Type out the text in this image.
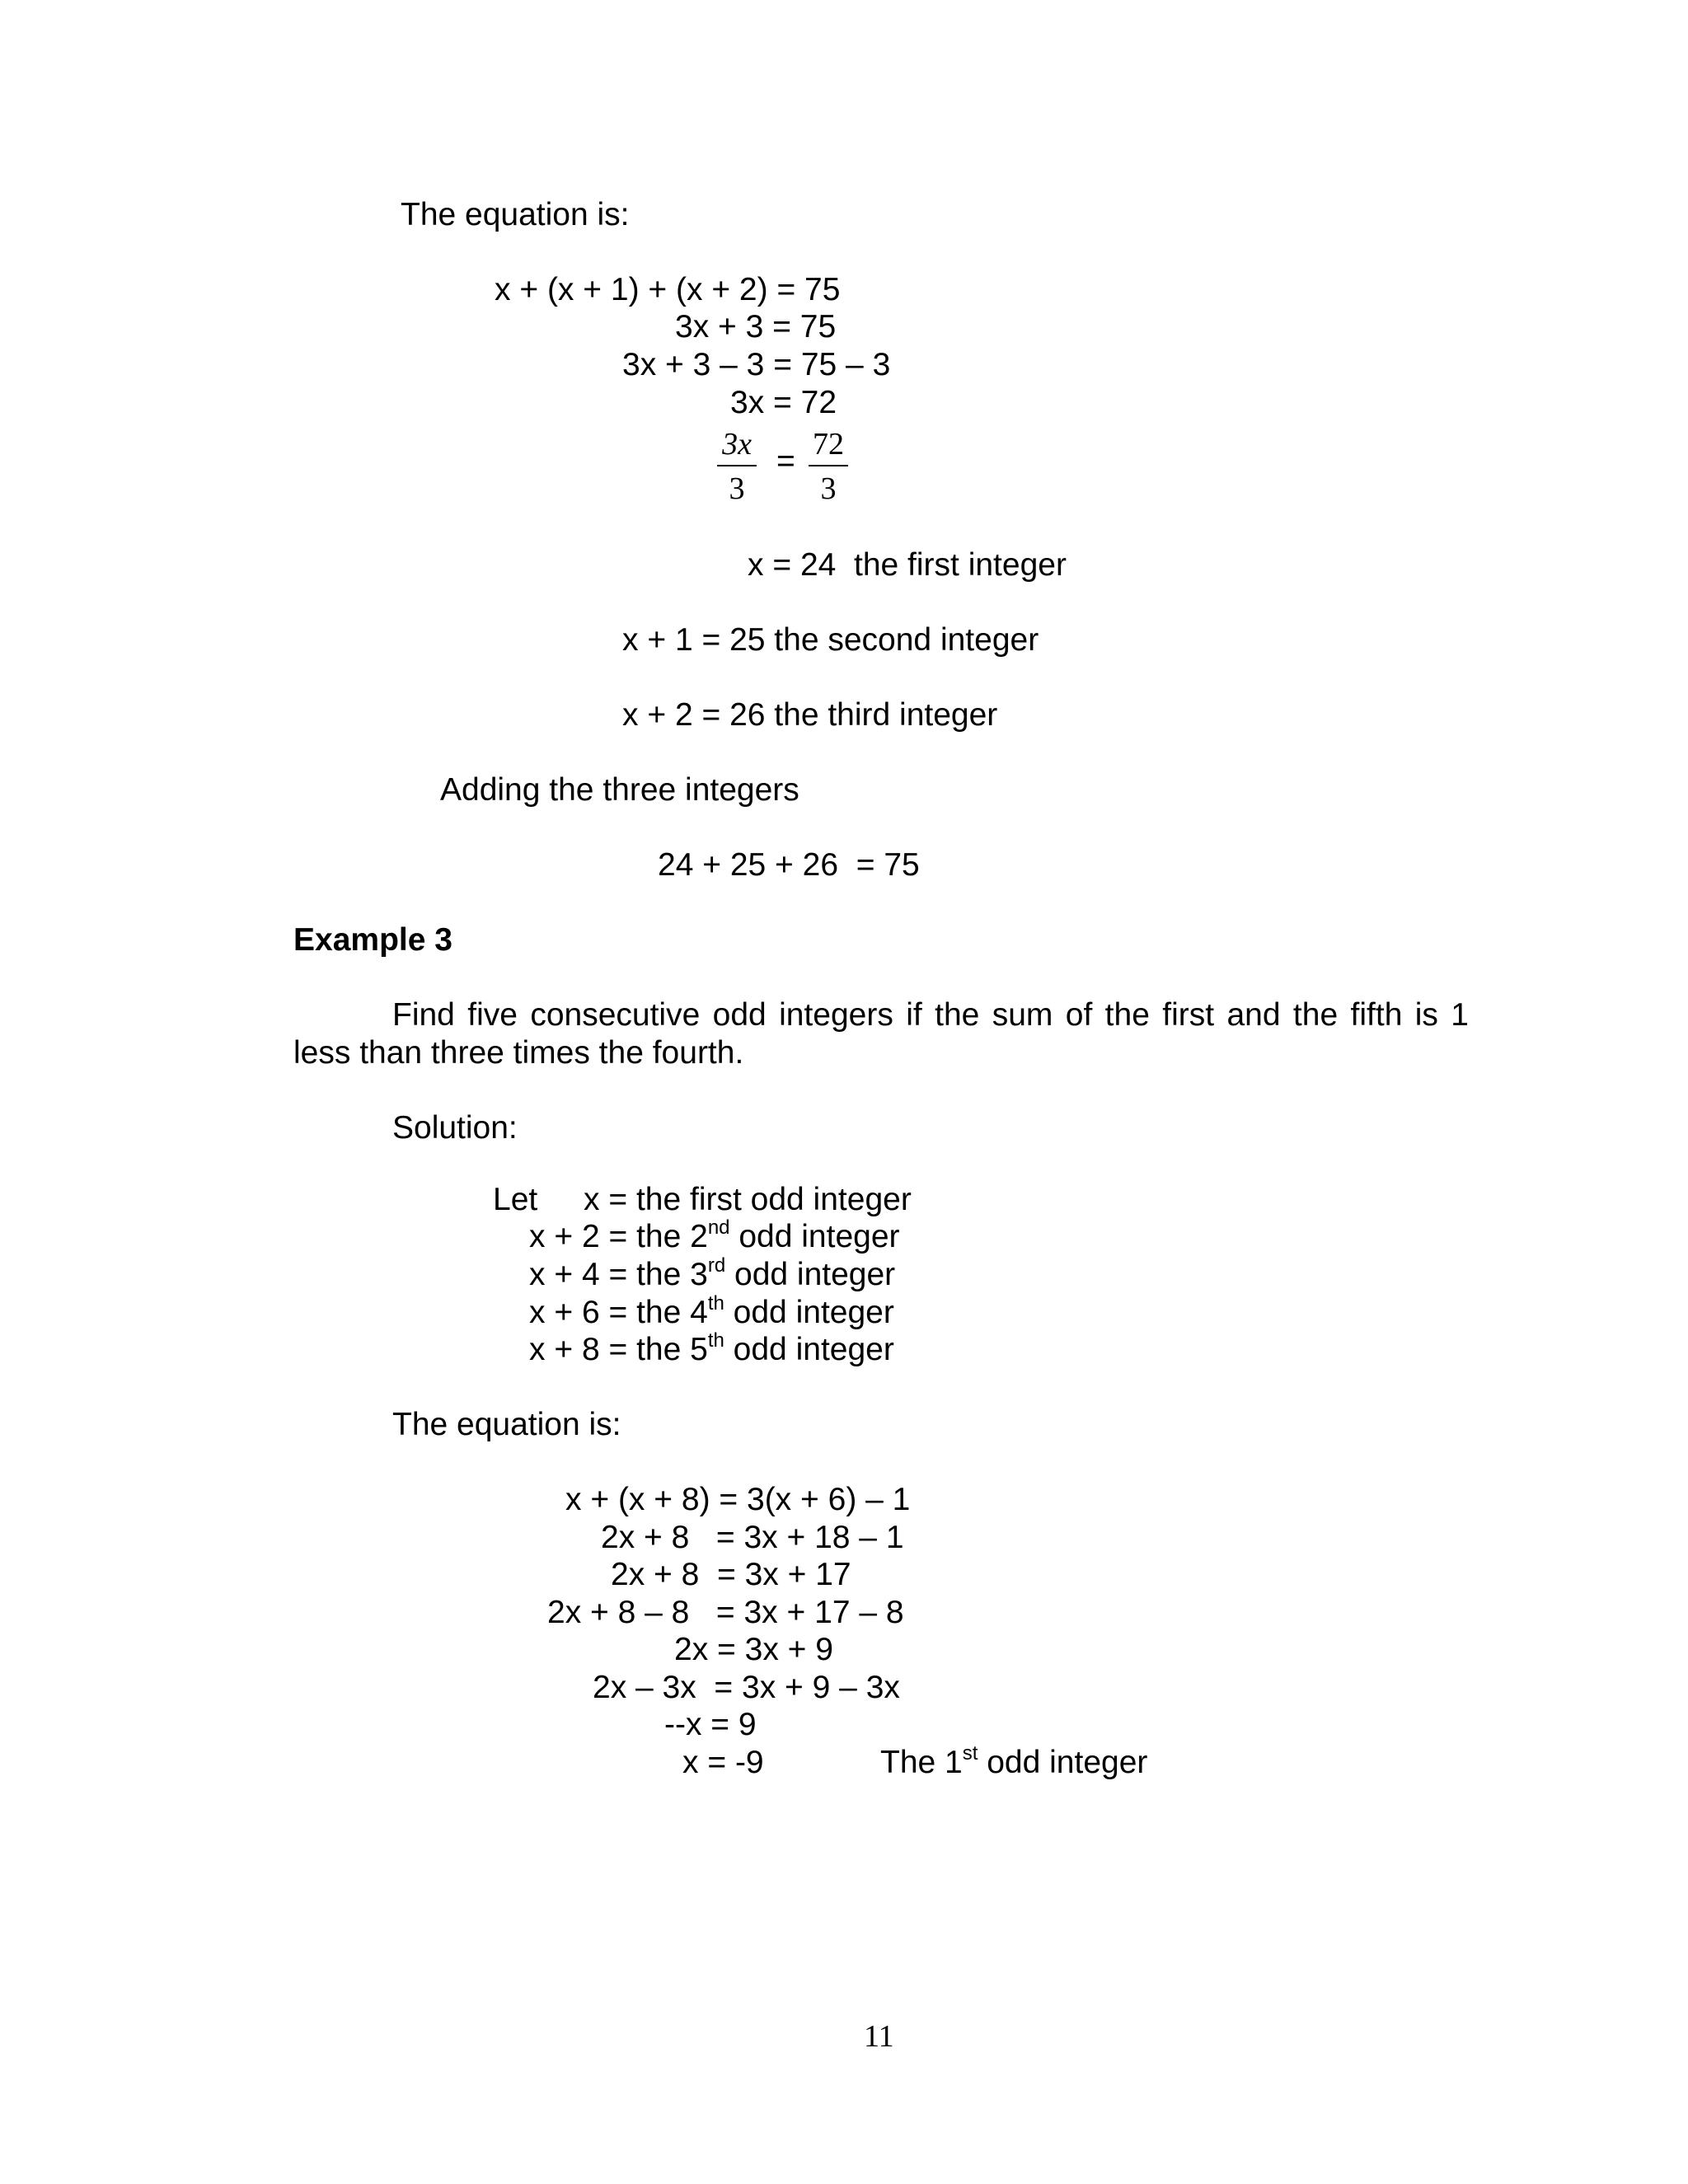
The equation is:
x + (x + 1) + (x + 2) = 75
3x + 3 = 75
3x + 3 – 3 = 75 – 3
3x = 72
3x
3
= 72
3
x = 24  the first integer
x + 1 = 25 the second integer
x + 2 = 26 the third integer
Adding the three integers
24 + 25 + 26  = 75
Example 3
Find five consecutive odd integers if the sum of the first and the fifth is 1
less than three times the fourth.
Solution:
Let x = the first odd integer
x + 2 = the 2nd odd integer
x + 4 = the 3rd odd integer
x + 6 = the 4th odd integer
x + 8 = the 5th odd integer
The equation is:
x + (x + 8) = 3(x + 6) – 1
2x + 8   = 3x + 18 – 1
2x + 8  = 3x + 17
2x + 8 – 8   = 3x + 17 – 8
2x = 3x + 9
2x – 3x  = 3x + 9 – 3x
--x = 9
x = -9	The 1st odd integer
11
